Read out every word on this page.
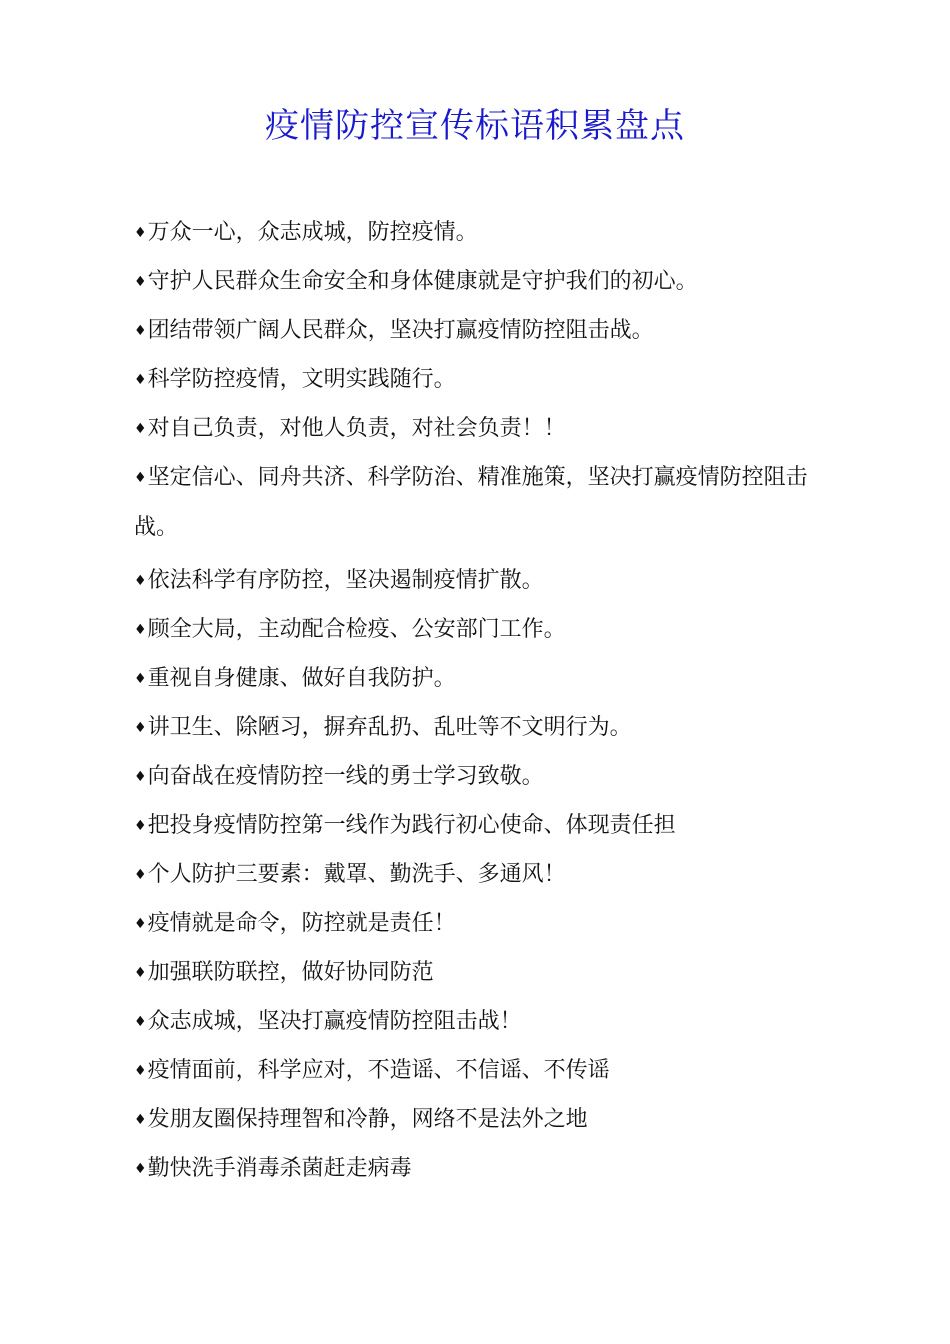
疫情防控宣传标语积累盘点
♦万众一心，众志成城，防控疫情。
♦守护人民群众生命安全和身体健康就是守护我们的初心。
♦团结带领广阔人民群众，坚决打赢疫情防控阻击战。
♦科学防控疫情，文明实践随行。
♦对自己负责，对他人负责，对社会负责！！
♦坚定信心、同舟共济、科学防治、精准施策，坚决打赢疫情防控阻击战。
♦依法科学有序防控，坚决遏制疫情扩散。
♦顾全大局，主动配合检疫、公安部门工作。
♦重视自身健康、做好自我防护。
♦讲卫生、除陋习，摒弃乱扔、乱吐等不文明行为。
♦向奋战在疫情防控一线的勇士学习致敬。
♦把投身疫情防控第一线作为践行初心使命、体现责任担
♦个人防护三要素：戴罩、勤洗手、多通风！
♦疫情就是命令，防控就是责任！
♦加强联防联控，做好协同防范
♦众志成城，坚决打赢疫情防控阻击战！
♦疫情面前，科学应对，不造谣、不信谣、不传谣
♦发朋友圈保持理智和冷静，网络不是法外之地
♦勤快洗手消毒杀菌赶走病毒
